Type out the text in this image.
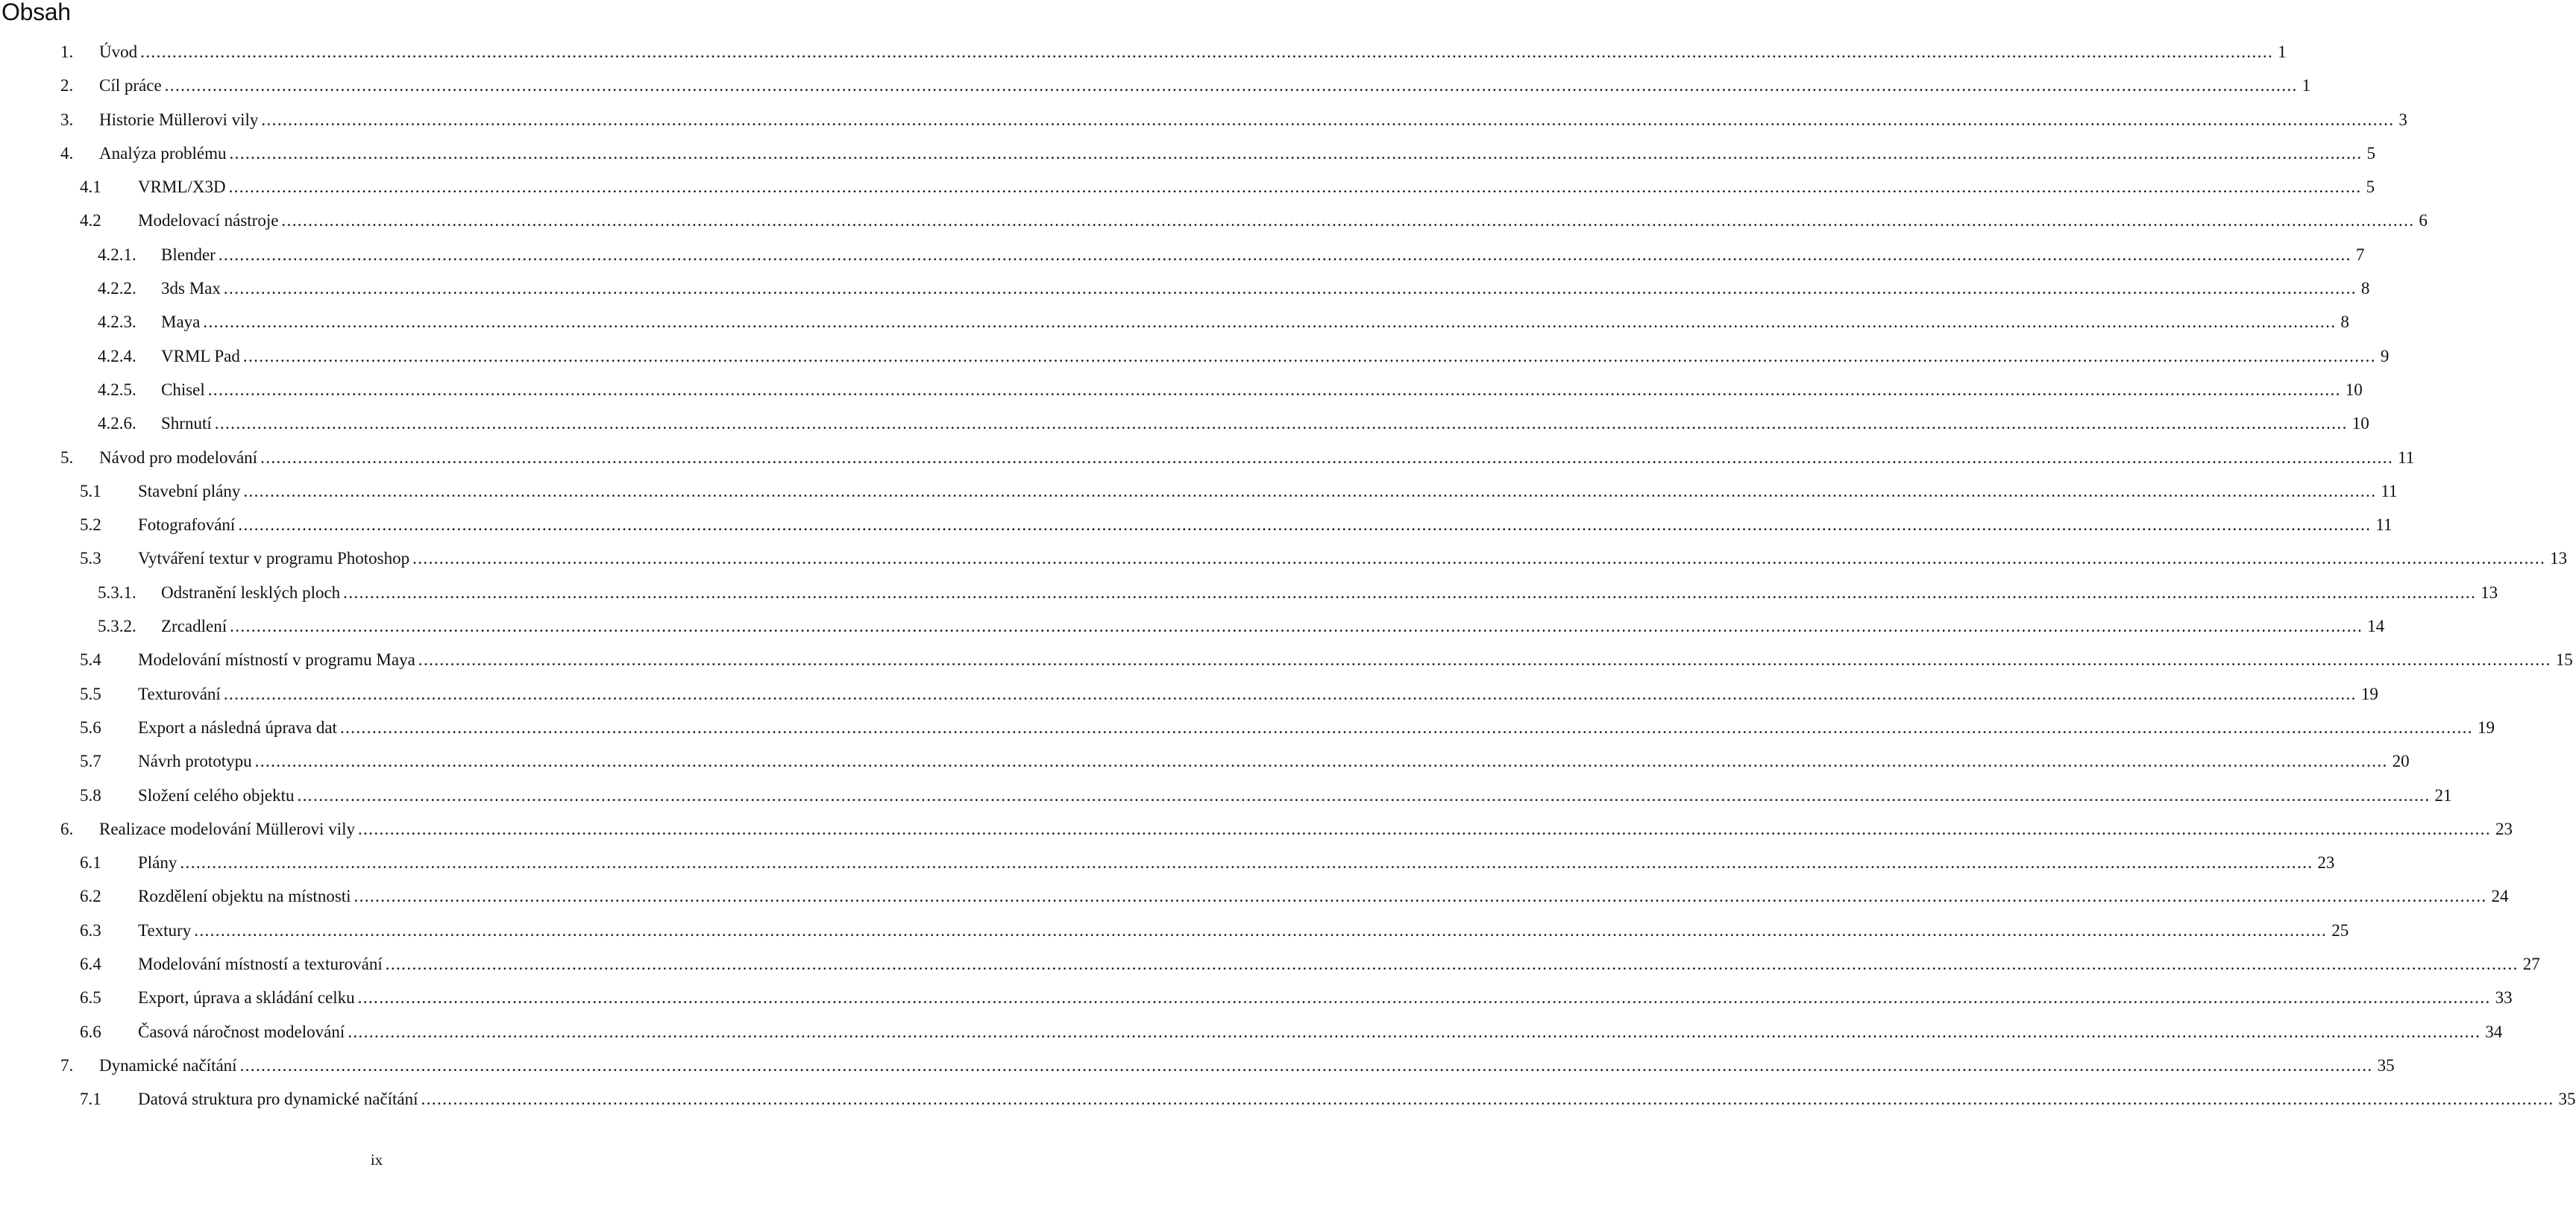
Obsah
1. Úvod ................................................................................................................................................................................................................................................................................................................................................................................................................ 1
2. Cíl práce ................................................................................................................................................................................................................................................................................................................................................................................................................ 1
3. Historie Müllerovi vily ................................................................................................................................................................................................................................................................................................................................................................................................................ 3
4. Analýza problému ................................................................................................................................................................................................................................................................................................................................................................................................................ 5
4.1 VRML/X3D ................................................................................................................................................................................................................................................................................................................................................................................................................ 5
4.2 Modelovací nástroje ................................................................................................................................................................................................................................................................................................................................................................................................................ 6
4.2.1. Blender ................................................................................................................................................................................................................................................................................................................................................................................................................ 7
4.2.2. 3ds Max ................................................................................................................................................................................................................................................................................................................................................................................................................ 8
4.2.3. Maya ................................................................................................................................................................................................................................................................................................................................................................................................................ 8
4.2.4. VRML Pad ................................................................................................................................................................................................................................................................................................................................................................................................................ 9
4.2.5. Chisel ................................................................................................................................................................................................................................................................................................................................................................................................................ 10
4.2.6. Shrnutí ................................................................................................................................................................................................................................................................................................................................................................................................................ 10
5. Návod pro modelování ................................................................................................................................................................................................................................................................................................................................................................................................................ 11
5.1 Stavební plány ................................................................................................................................................................................................................................................................................................................................................................................................................ 11
5.2 Fotografování ................................................................................................................................................................................................................................................................................................................................................................................................................ 11
5.3 Vytváření textur v programu Photoshop ................................................................................................................................................................................................................................................................................................................................................................................................................ 13
5.3.1. Odstranění lesklých ploch ................................................................................................................................................................................................................................................................................................................................................................................................................ 13
5.3.2. Zrcadlení ................................................................................................................................................................................................................................................................................................................................................................................................................ 14
5.4 Modelování místností v programu Maya ................................................................................................................................................................................................................................................................................................................................................................................................................ 15
5.5 Texturování ................................................................................................................................................................................................................................................................................................................................................................................................................ 19
5.6 Export a následná úprava dat ................................................................................................................................................................................................................................................................................................................................................................................................................ 19
5.7 Návrh prototypu ................................................................................................................................................................................................................................................................................................................................................................................................................ 20
5.8 Složení celého objektu ................................................................................................................................................................................................................................................................................................................................................................................................................ 21
6. Realizace modelování Müllerovi vily ................................................................................................................................................................................................................................................................................................................................................................................................................ 23
6.1 Plány ................................................................................................................................................................................................................................................................................................................................................................................................................ 23
6.2 Rozdělení objektu na místnosti ................................................................................................................................................................................................................................................................................................................................................................................................................ 24
6.3 Textury ................................................................................................................................................................................................................................................................................................................................................................................................................ 25
6.4 Modelování místností a texturování ................................................................................................................................................................................................................................................................................................................................................................................................................ 27
6.5 Export, úprava a skládání celku ................................................................................................................................................................................................................................................................................................................................................................................................................ 33
6.6 Časová náročnost modelování ................................................................................................................................................................................................................................................................................................................................................................................................................ 34
7. Dynamické načítání ................................................................................................................................................................................................................................................................................................................................................................................................................ 35
7.1 Datová struktura pro dynamické načítání ................................................................................................................................................................................................................................................................................................................................................................................................................ 35
ix
